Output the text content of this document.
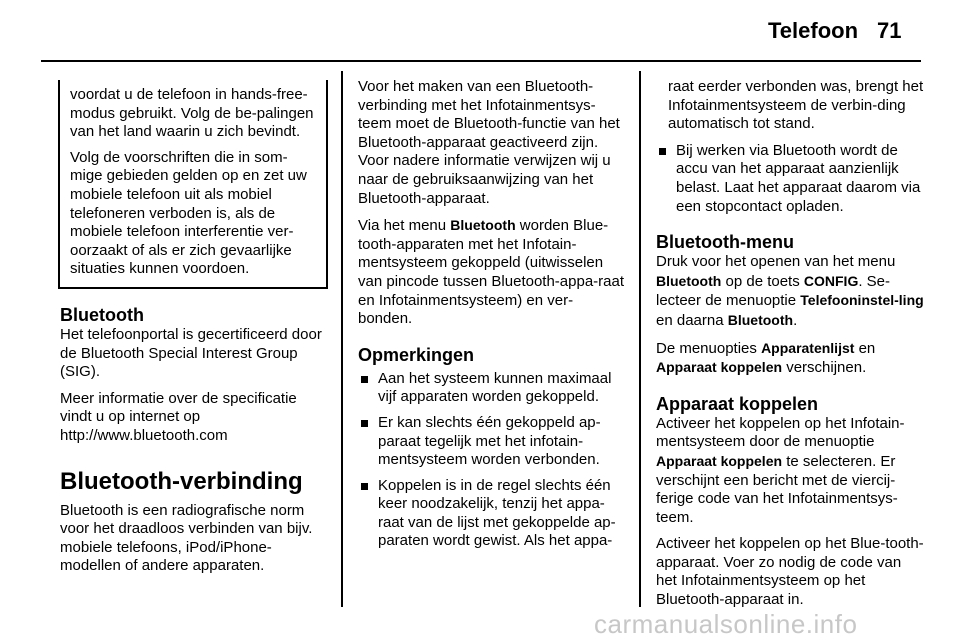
Telefoon 71

voordat u de telefoon in hands-free-modus gebruikt. Volg de be-palingen van het land waarin u zich bevindt.

Volg de voorschriften die in som-mige gebieden gelden op en zet uw mobiele telefoon uit als mobiel telefoneren verboden is, als de mobiele telefoon interferentie ver-oorzaakt of als er zich gevaarlijke situaties kunnen voordoen.

Bluetooth

Het telefoonportal is gecertificeerd door de Bluetooth Special Interest Group (SIG).

Meer informatie over de specificatie vindt u op internet op
http://www.bluetooth.com

Bluetooth-verbinding

Bluetooth is een radiografische norm voor het draadloos verbinden van bijv. mobiele telefoons, iPod/iPhone-modellen of andere apparaten.

Voor het maken van een Bluetooth-verbinding met het Infotainmentsys-teem moet de Bluetooth-functie van het Bluetooth-apparaat geactiveerd zijn. Voor nadere informatie verwijzen wij u naar de gebruiksaanwijzing van het Bluetooth-apparaat.

Via het menu Bluetooth worden Blue-tooth-apparaten met het Infotain-mentsysteem gekoppeld (uitwisselen van pincode tussen Bluetooth-appa-raat en Infotainmentsysteem) en ver-bonden.

Opmerkingen
Aan het systeem kunnen maximaal vijf apparaten worden gekoppeld.
Er kan slechts één gekoppeld ap-paraat tegelijk met het infotain-mentsysteem worden verbonden.
Koppelen is in de regel slechts één keer noodzakelijk, tenzij het appa-raat van de lijst met gekoppelde ap-paraten wordt gewist. Als het appa-

raat eerder verbonden was, brengt het Infotainmentsysteem de verbin-ding automatisch tot stand.

Bij werken via Bluetooth wordt de accu van het apparaat aanzienlijk belast. Laat het apparaat daarom via een stopcontact opladen.
Bluetooth-menu

Druk voor het openen van het menu Bluetooth op de toets CONFIG. Se-lecteer de menuoptie Telefooninstel-ling en daarna Bluetooth.

De menuopties Apparatenlijst en Apparaat koppelen verschijnen.

Apparaat koppelen

Activeer het koppelen op het Infotain-mentsysteem door de menuoptie Apparaat koppelen te selecteren. Er verschijnt een bericht met de viercij-ferige code van het Infotainmentsys-teem.

Activeer het koppelen op het Blue-tooth-apparaat. Voer zo nodig de code van het Infotainmentsysteem op het Bluetooth-apparaat in.

carmanualsonline.info
